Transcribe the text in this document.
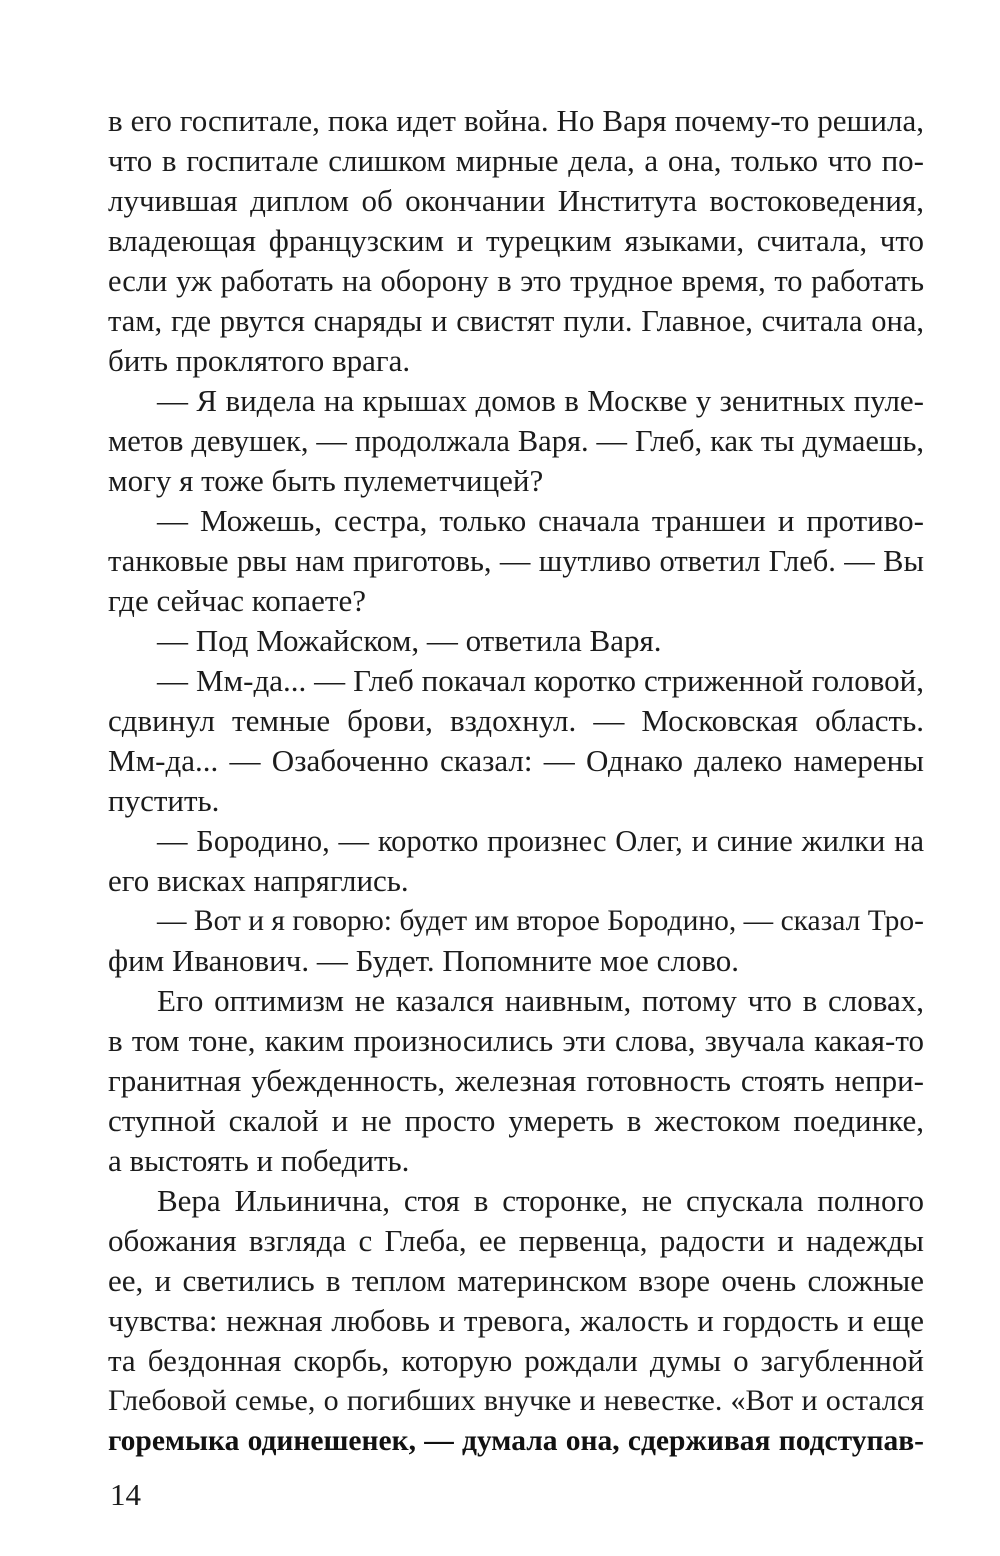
в его госпитале, пока идет война. Но Варя почему-то решила,
что в госпитале слишком мирные дела, а она, только что по-
лучившая диплом об окончании Института востоковедения,
владеющая французским и турецким языками, считала, что
если уж работать на оборону в это трудное время, то работать
там, где рвутся снаряды и свистят пули. Главное, считала она,
бить проклятого врага.
— Я видела на крышах домов в Москве у зенитных пуле-
метов девушек, — продолжала Варя. — Глеб, как ты думаешь,
могу я тоже быть пулеметчицей?
— Можешь, сестра, только сначала траншеи и противо-
танковые рвы нам приготовь, — шутливо ответил Глеб. — Вы
где сейчас копаете?
— Под Можайском, — ответила Варя.
— Мм-да... — Глеб покачал коротко стриженной головой,
сдвинул темные брови, вздохнул. — Московская область.
Мм-да... — Озабоченно сказал: — Однако далеко намерены
пустить.
— Бородино, — коротко произнес Олег, и синие жилки на
его висках напряглись.
— Вот и я говорю: будет им второе Бородино, — сказал Тро-
фим Иванович. — Будет. Попомните мое слово.
Его оптимизм не казался наивным, потому что в словах,
в том тоне, каким произносились эти слова, звучала какая-то
гранитная убежденность, железная готовность стоять непри-
ступной скалой и не просто умереть в жестоком поединке,
а выстоять и победить.
Вера Ильинична, стоя в сторонке, не спускала полного
обожания взгляда с Глеба, ее первенца, радости и надежды
ее, и светились в теплом материнском взоре очень сложные
чувства: нежная любовь и тревога, жалость и гордость и еще
та бездонная скорбь, которую рождали думы о загубленной
Глебовой семье, о погибших внучке и невестке. «Вот и остался
горемыка одинешенек, — думала она, сдерживая подступав-
14
